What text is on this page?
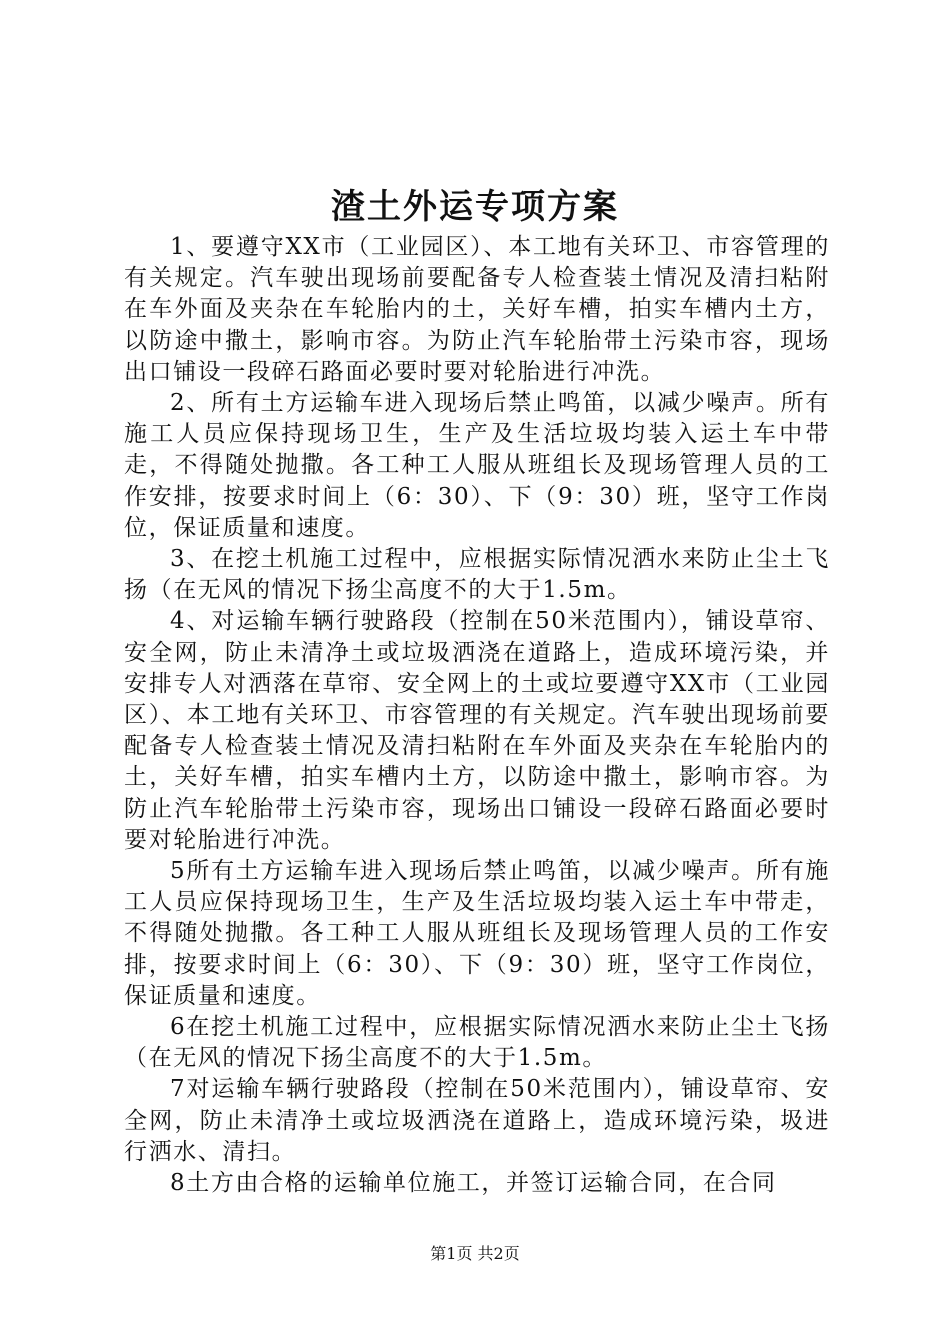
渣土外运专项方案

1、要遵守XX市（工业园区）、本工地有关环卫、市容管理的有关规定。汽车驶出现场前要配备专人检查装土情况及清扫粘附在车外面及夹杂在车轮胎内的土，关好车槽，拍实车槽内土方，以防途中撒土，影响市容。为防止汽车轮胎带土污染市容，现场出口铺设一段碎石路面必要时要对轮胎进行冲洗。

2、所有土方运输车进入现场后禁止鸣笛，以减少噪声。所有施工人员应保持现场卫生，生产及生活垃圾均装入运土车中带走，不得随处抛撒。各工种工人服从班组长及现场管理人员的工作安排，按要求时间上（6：30）、下（9：30）班，坚守工作岗位，保证质量和速度。

3、在挖土机施工过程中，应根据实际情况洒水来防止尘土飞扬（在无风的情况下扬尘高度不的大于1.5m。

4、对运输车辆行驶路段（控制在50米范围内），铺设草帘、安全网，防止未清净土或垃圾洒浇在道路上，造成环境污染，并安排专人对洒落在草帘、安全网上的土或垃要遵守XX市（工业园区）、本工地有关环卫、市容管理的有关规定。汽车驶出现场前要配备专人检查装土情况及清扫粘附在车外面及夹杂在车轮胎内的土，关好车槽，拍实车槽内土方，以防途中撒土，影响市容。为防止汽车轮胎带土污染市容，现场出口铺设一段碎石路面必要时要对轮胎进行冲洗。

5所有土方运输车进入现场后禁止鸣笛，以减少噪声。所有施工人员应保持现场卫生，生产及生活垃圾均装入运土车中带走，不得随处抛撒。各工种工人服从班组长及现场管理人员的工作安排，按要求时间上（6：30）、下（9：30）班，坚守工作岗位，保证质量和速度。

6在挖土机施工过程中，应根据实际情况洒水来防止尘土飞扬（在无风的情况下扬尘高度不的大于1.5m。

7对运输车辆行驶路段（控制在50米范围内），铺设草帘、安全网，防止未清净土或垃圾洒浇在道路上，造成环境污染，圾进行洒水、清扫。

8土方由合格的运输单位施工，并签订运输合同，在合同

第1页 共2页
